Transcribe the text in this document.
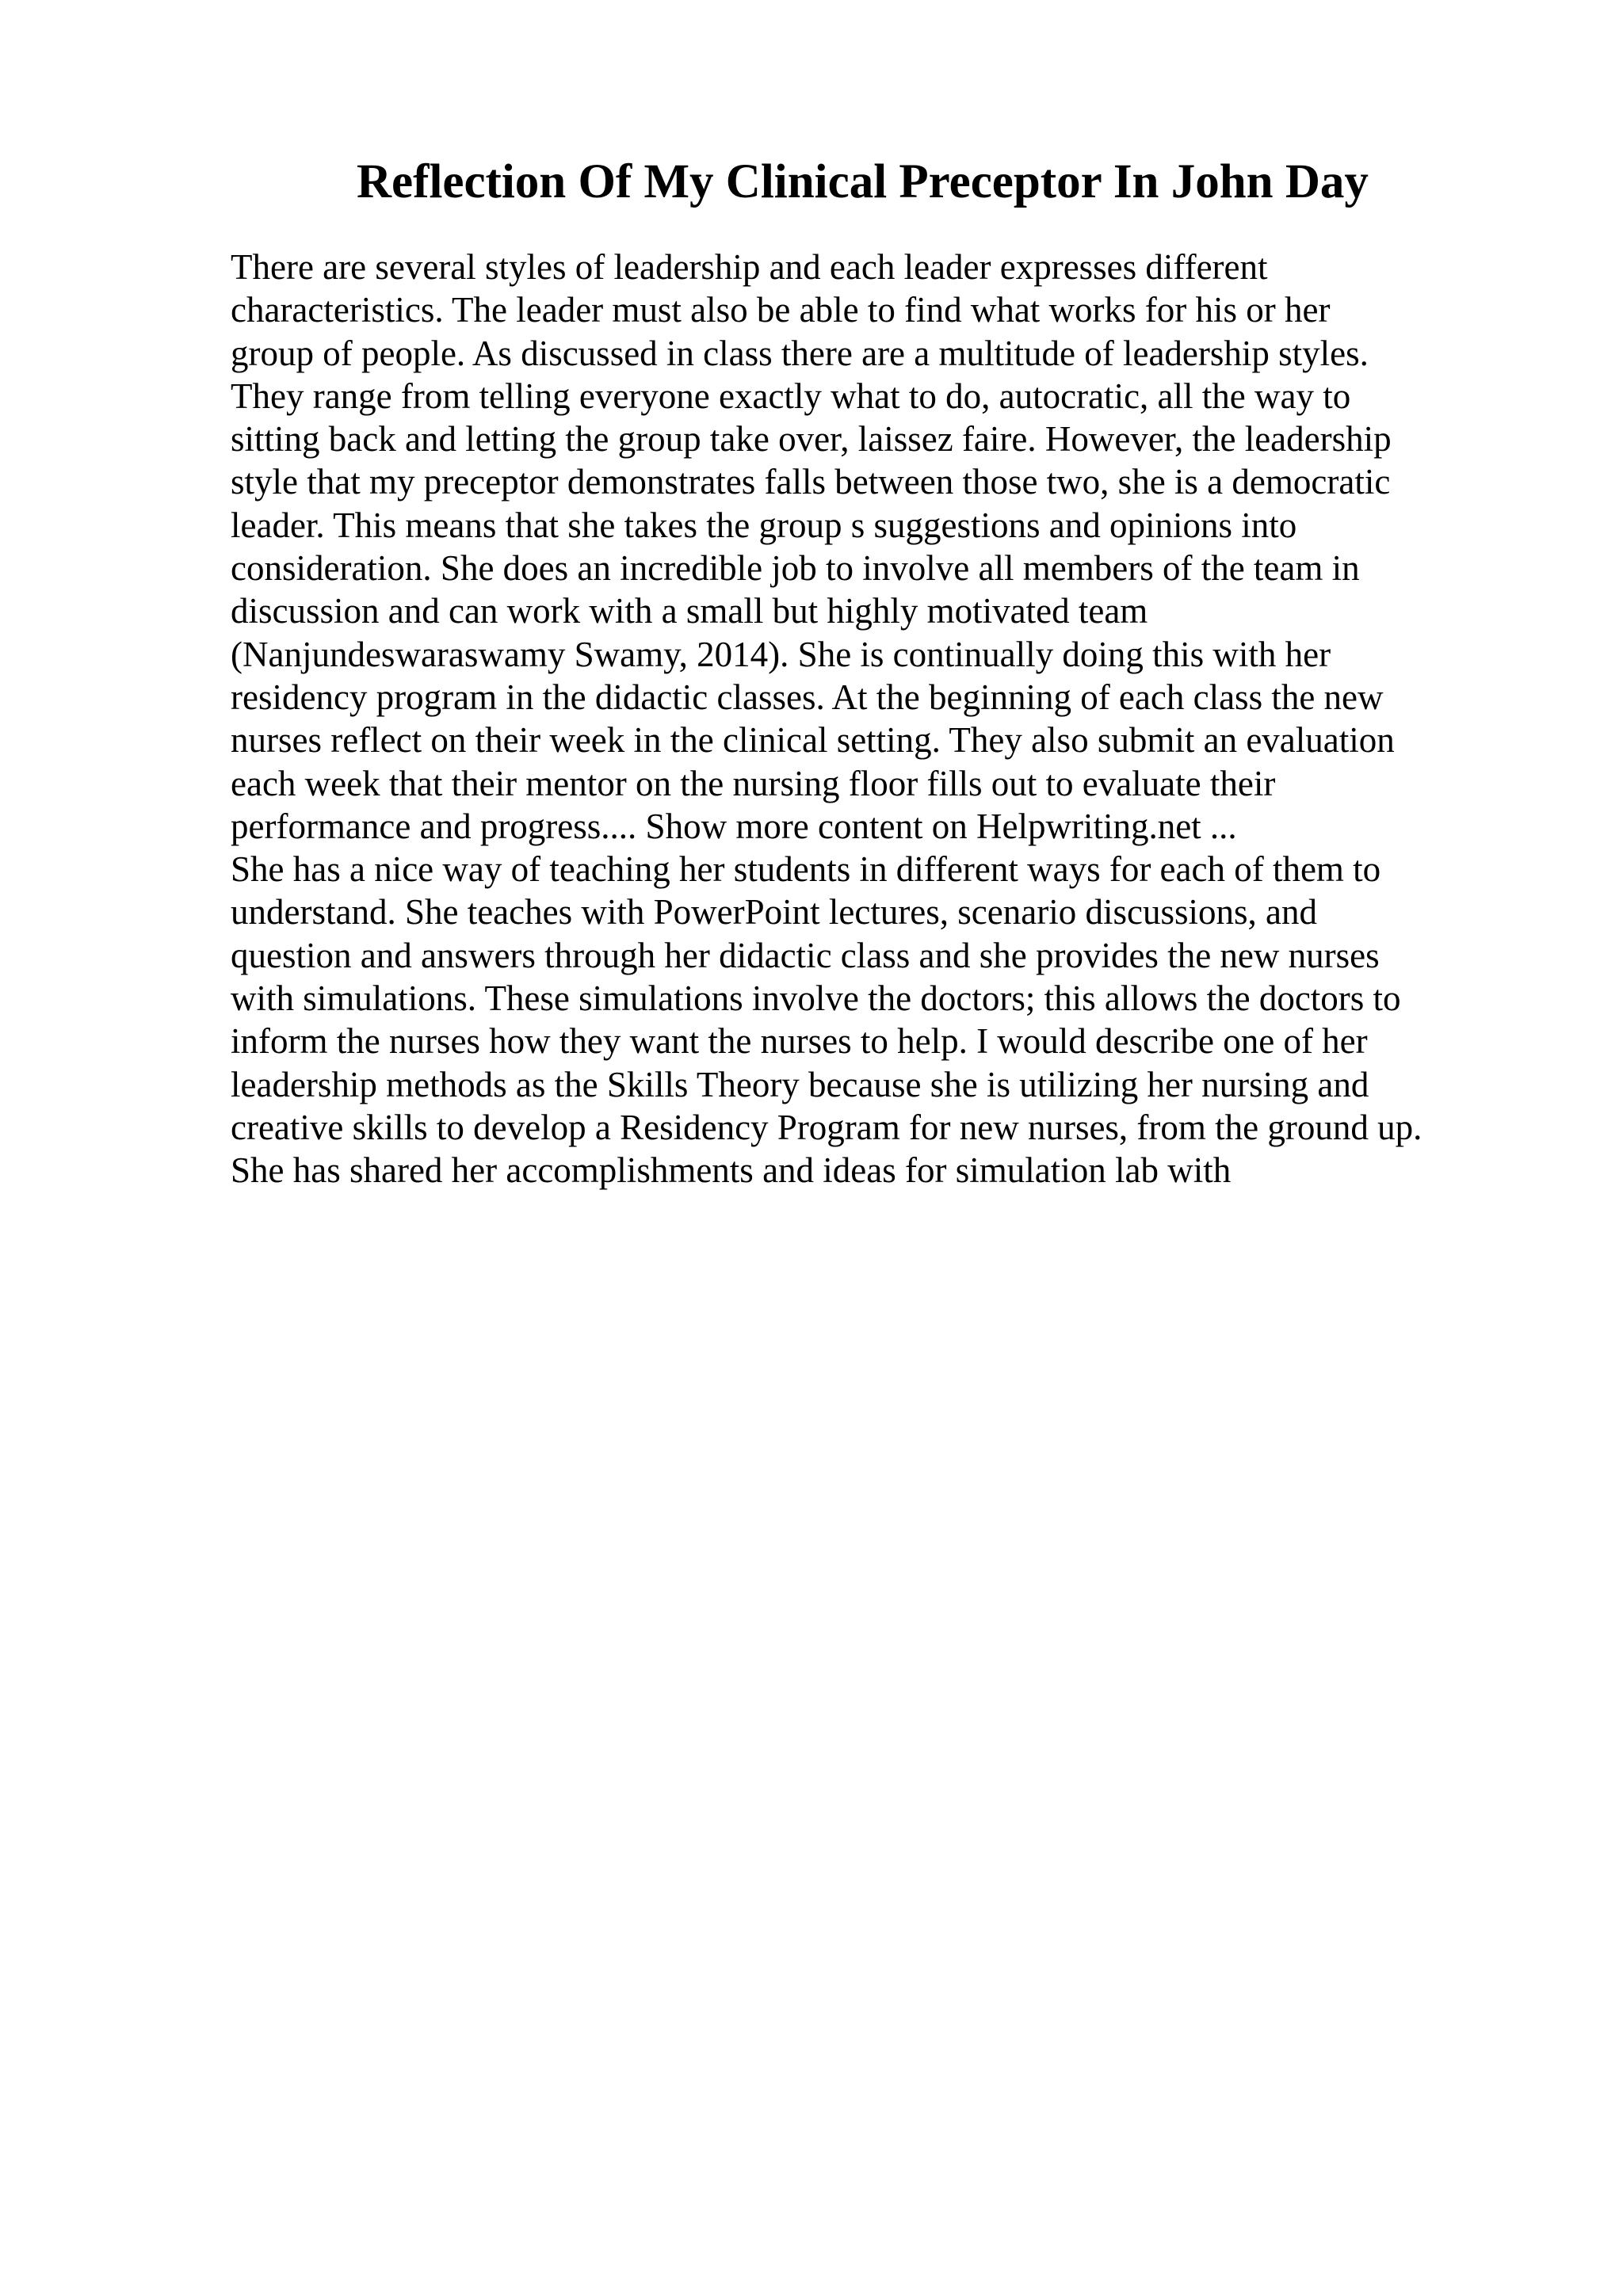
Reflection Of My Clinical Preceptor In John Day
There are several styles of leadership and each leader expresses different
characteristics. The leader must also be able to find what works for his or her
group of people. As discussed in class there are a multitude of leadership styles.
They range from telling everyone exactly what to do, autocratic, all the way to
sitting back and letting the group take over, laissez faire. However, the leadership
style that my preceptor demonstrates falls between those two, she is a democratic
leader. This means that she takes the group s suggestions and opinions into
consideration. She does an incredible job to involve all members of the team in
discussion and can work with a small but highly motivated team
(Nanjundeswaraswamy Swamy, 2014). She is continually doing this with her
residency program in the didactic classes. At the beginning of each class the new
nurses reflect on their week in the clinical setting. They also submit an evaluation
each week that their mentor on the nursing floor fills out to evaluate their
performance and progress.... Show more content on Helpwriting.net ...
She has a nice way of teaching her students in different ways for each of them to
understand. She teaches with PowerPoint lectures, scenario discussions, and
question and answers through her didactic class and she provides the new nurses
with simulations. These simulations involve the doctors; this allows the doctors to
inform the nurses how they want the nurses to help. I would describe one of her
leadership methods as the Skills Theory because she is utilizing her nursing and
creative skills to develop a Residency Program for new nurses, from the ground up.
She has shared her accomplishments and ideas for simulation lab with
